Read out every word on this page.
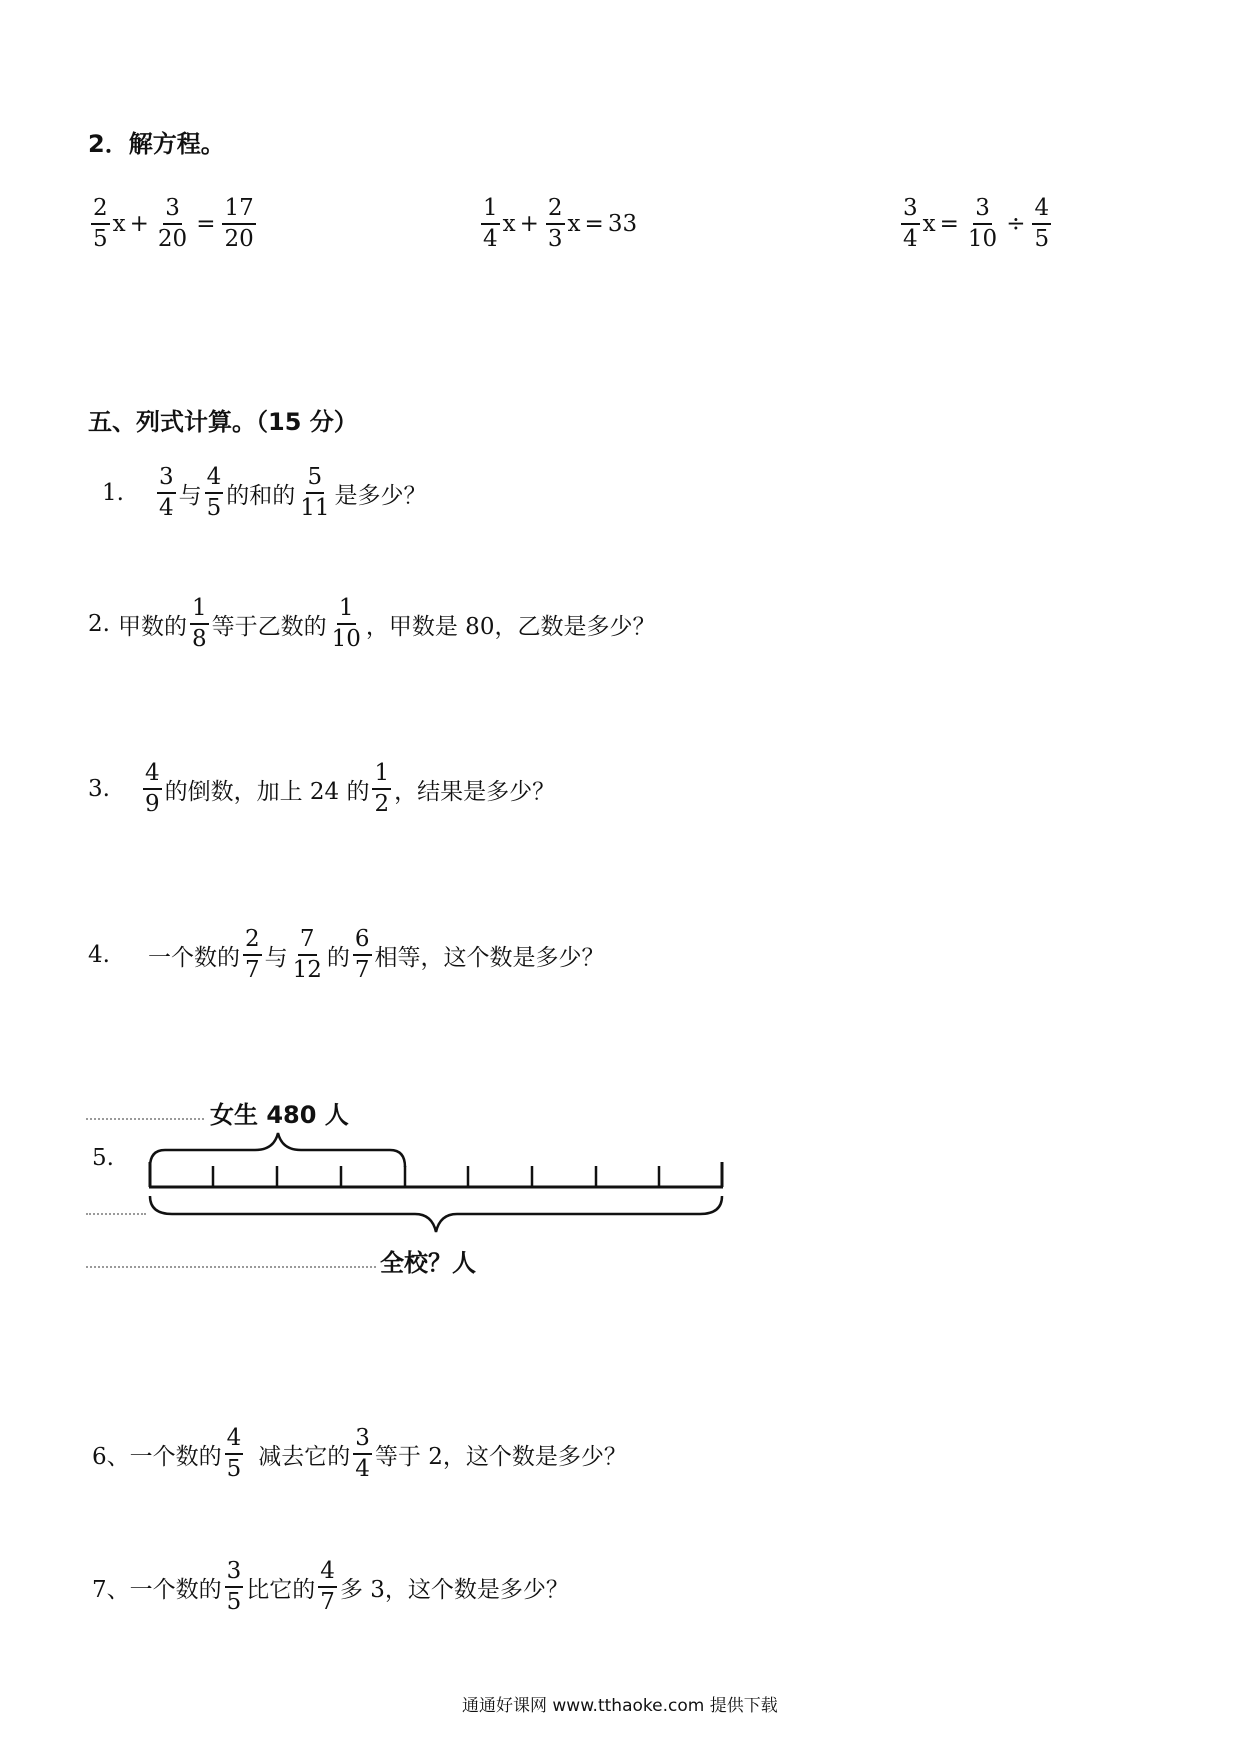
2．解方程。
$\frac{2}{5}$ $x + \frac{3}{20} = \frac{17}{20}$	$\frac{1}{4}$ $x + \frac{2}{3}$ x = 33	$\frac{3}{4}$ $x = \frac{3}{10} \div \frac{4}{5}$
五、列式计算。（15 分）
1. $\frac{3}{4}$ 与 $\frac{4}{5}$ 的和的 $\frac{5}{11}$ 是多少？
2. 甲数的 $\frac{1}{8}$ 等于乙数的 $\frac{1}{10}$ ，甲数是 80，乙数是多少？
3. $\frac{4}{9}$ 的倒数，加上 24 的 $\frac{1}{2}$ ，结果是多少？
4. 一个数的 $\frac{2}{7}$ 与 $\frac{7}{12}$ 的 $\frac{6}{7}$ 相等，这个数是多少？
女生 480 人
5.
全校？人
6、一个数的 $\frac{4}{5}$ 减去它的 $\frac{3}{4}$ 等于 2，这个数是多少？
7、一个数的 $\frac{3}{5}$ 比它的 $\frac{4}{7}$ 多 3，这个数是多少？
通通好课网 www.tthaoke.com 提供下载
